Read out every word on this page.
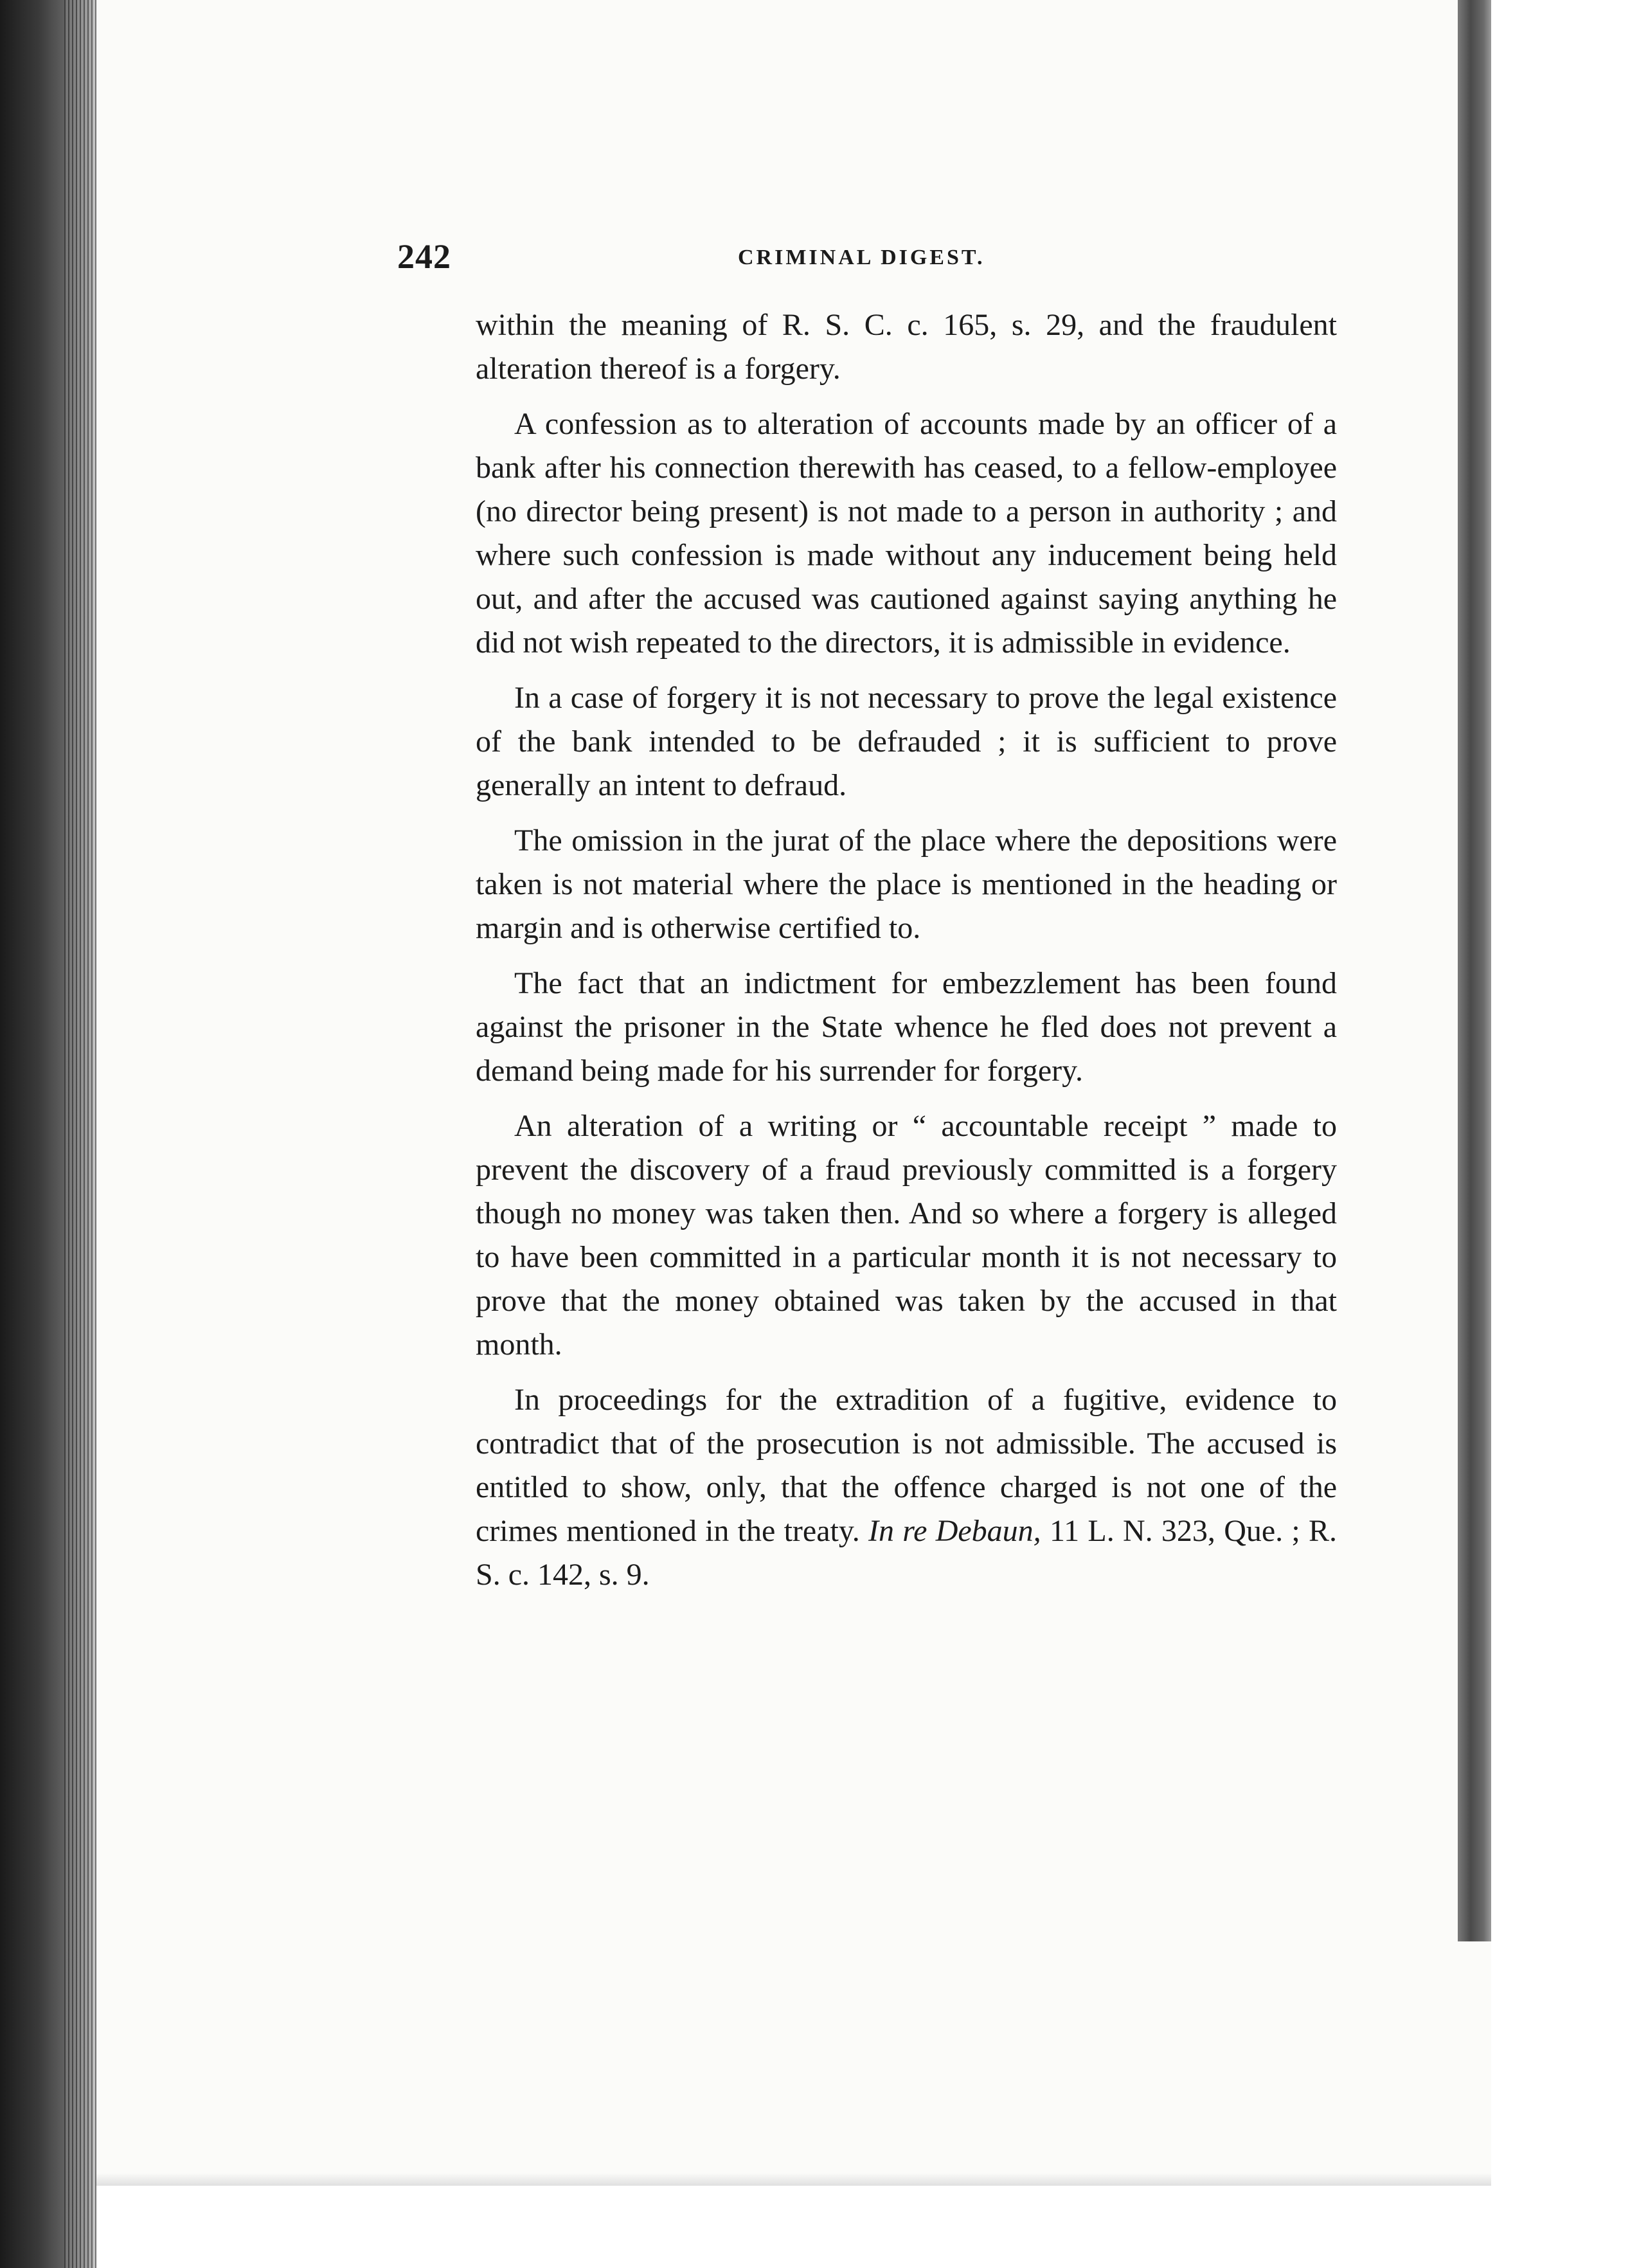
242	CRIMINAL DIGEST.

within the meaning of R. S. C. c. 165, s. 29, and the fraudulent alteration thereof is a forgery.

A confession as to alteration of accounts made by an officer of a bank after his connection therewith has ceased, to a fellow-employee (no director being present) is not made to a person in authority ; and where such confession is made without any inducement being held out, and after the accused was cautioned against saying anything he did not wish repeated to the directors, it is admissible in evidence.

In a case of forgery it is not necessary to prove the legal existence of the bank intended to be defrauded ; it is sufficient to prove generally an intent to defraud.

The omission in the jurat of the place where the depositions were taken is not material where the place is mentioned in the heading or margin and is otherwise certified to.

The fact that an indictment for embezzlement has been found against the prisoner in the State whence he fled does not prevent a demand being made for his surrender for forgery.

An alteration of a writing or “ accountable receipt ” made to prevent the discovery of a fraud previously committed is a forgery though no money was taken then. And so where a forgery is alleged to have been committed in a particular month it is not necessary to prove that the money obtained was taken by the accused in that month.

In proceedings for the extradition of a fugitive, evidence to contradict that of the prosecution is not admissible. The accused is entitled to show, only, that the offence charged is not one of the crimes mentioned in the treaty. In re Debaun, 11 L. N. 323, Que. ; R. S. c. 142, s. 9.
